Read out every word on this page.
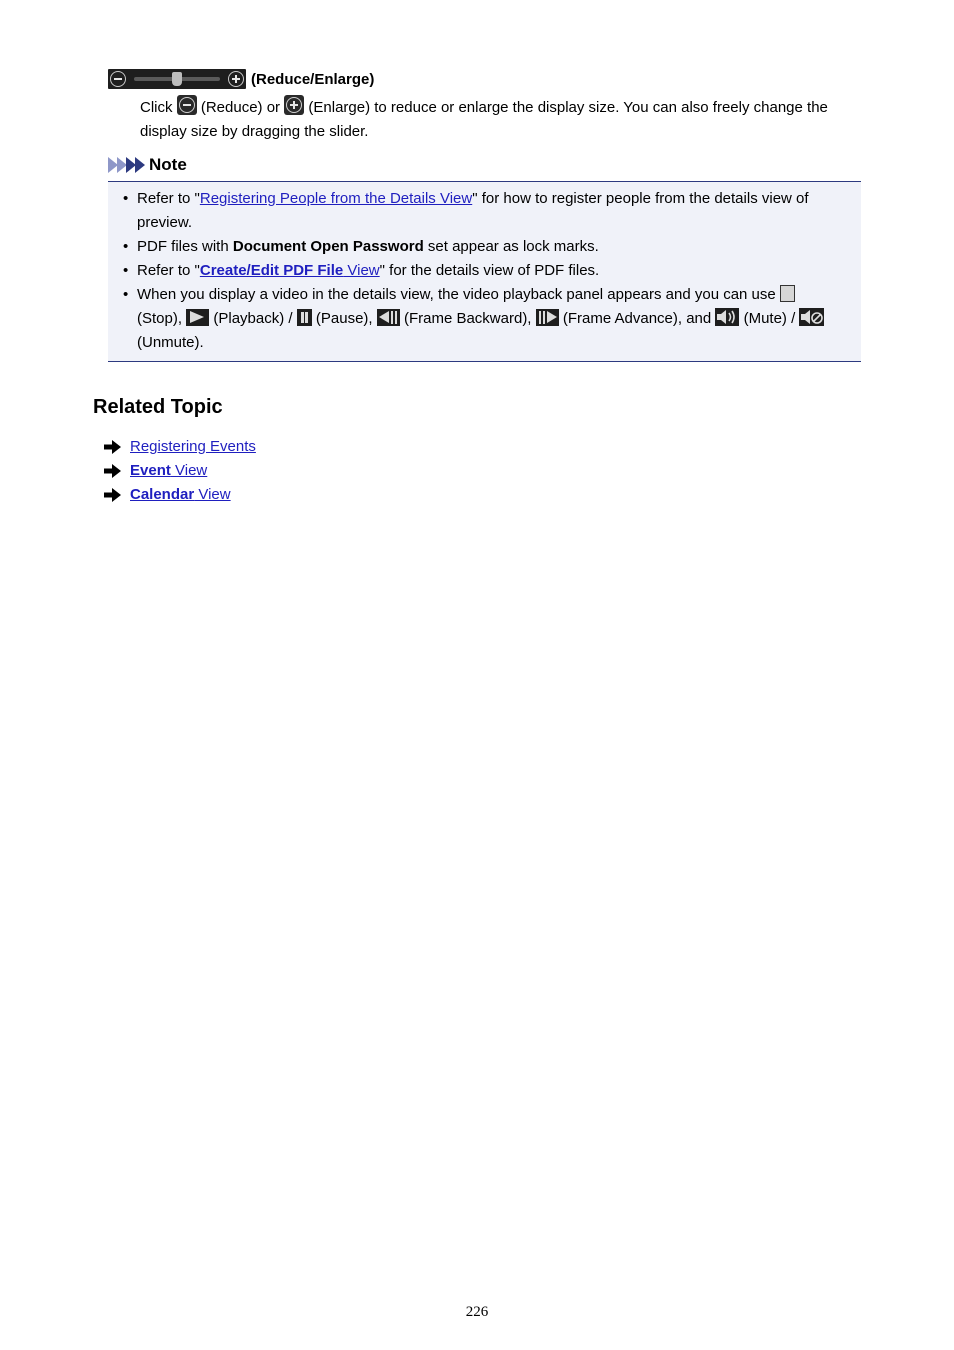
(Reduce/Enlarge)
Click (Reduce) or (Enlarge) to reduce or enlarge the display size. You can also freely change the display size by dragging the slider.
Note
• Refer to "Registering People from the Details View" for how to register people from the details view of preview.
• PDF files with Document Open Password set appear as lock marks.
• Refer to "Create/Edit PDF File View" for the details view of PDF files.
• When you display a video in the details view, the video playback panel appears and you can use
(Stop), (Playback) / (Pause), (Frame Backward), (Frame Advance), and (Mute) /
(Unmute).
Related Topic
Registering Events
Event View
Calendar View
226
